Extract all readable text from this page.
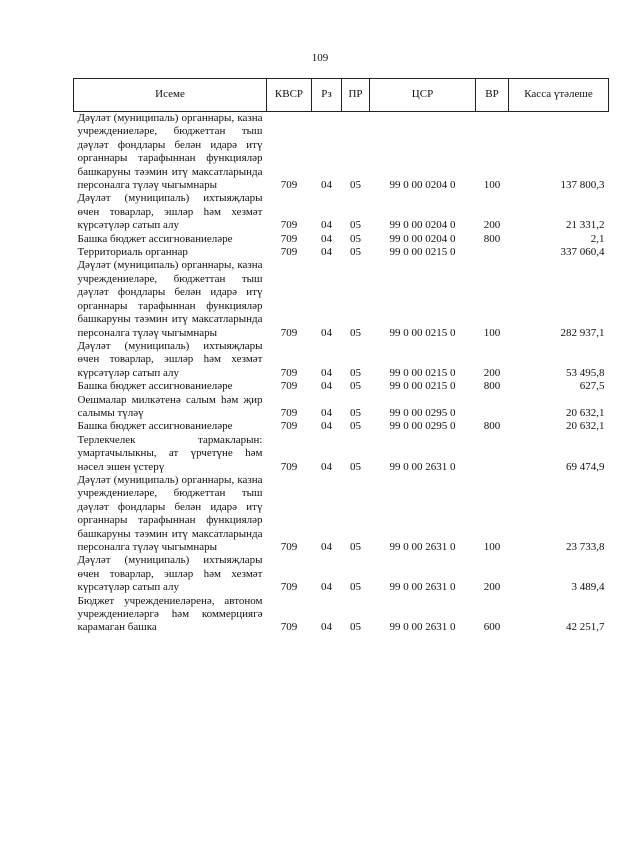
109
Исеме	КВСР	Рз	ПР	ЦСР	ВР	Касса үтәлеше
Дәүләт (муниципаль) органнары, казна учреждениеләре, бюджеттан тыш дәүләт фондлары белән идарә итү органнары тарафыннан функцияләр башкаруны тәэмин итү максатларында персоналга түләү чыгымнары	709	04	05	99 0 00 0204 0	100	137 800,3
Дәүләт (муниципаль) ихтыяҗлары өчен товарлар, эшләр һәм хезмәт күрсәтүләр сатып алу	709	04	05	99 0 00 0204 0	200	21 331,2
Башка бюджет ассигнованиеләре	709	04	05	99 0 00 0204 0	800	2,1
Территориаль органнар	709	04	05	99 0 00 0215 0		337 060,4
Дәүләт (муниципаль) органнары, казна учреждениеләре, бюджеттан тыш дәүләт фондлары белән идарә итү органнары тарафыннан функцияләр башкаруны тәэмин итү максатларында персоналга түләү чыгымнары	709	04	05	99 0 00 0215 0	100	282 937,1
Дәүләт (муниципаль) ихтыяҗлары өчен товарлар, эшләр һәм хезмәт күрсәтүләр сатып алу	709	04	05	99 0 00 0215 0	200	53 495,8
Башка бюджет ассигнованиеләре	709	04	05	99 0 00 0215 0	800	627,5
Оешмалар милкәтенә салым һәм җир салымы түләү	709	04	05	99 0 00 0295 0		20 632,1
Башка бюджет ассигнованиеләре	709	04	05	99 0 00 0295 0	800	20 632,1
Терлекчелек тармакларын: умартачылыкны, ат үрчетүне һәм нәсел эшен үстерү	709	04	05	99 0 00 2631 0		69 474,9
Дәүләт (муниципаль) органнары, казна учреждениеләре, бюджеттан тыш дәүләт фондлары белән идарә итү органнары тарафыннан функцияләр башкаруны тәэмин итү максатларында персоналга түләү чыгымнары	709	04	05	99 0 00 2631 0	100	23 733,8
Дәүләт (муниципаль) ихтыяҗлары өчен товарлар, эшләр һәм хезмәт күрсәтүләр сатып алу	709	04	05	99 0 00 2631 0	200	3 489,4
Бюджет учреждениеләренә, автоном учреждениеләргә һәм коммерциягә карамаган башка	709	04	05	99 0 00 2631 0	600	42 251,7
